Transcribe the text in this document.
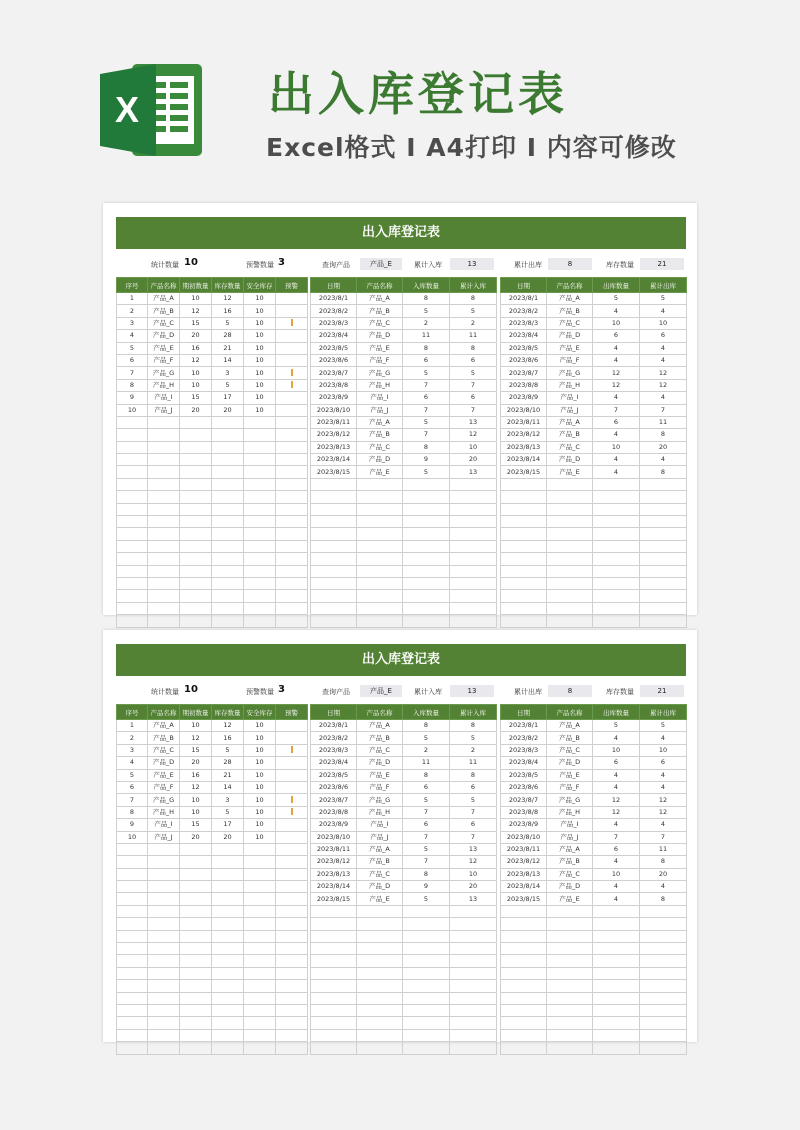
X	出入库登记表
Excel格式 I A4打印 I 内容可修改
出入库登记表
统计数量 10	预警数量 3	查询产品	产品_E	累计入库	13	累计出库	8	库存数量	21
序号	产品名称	期初数量	库存数量	安全库存	预警
1	产品_A	10	12	10	
2	产品_B	12	16	10	
3	产品_C	15	5	10	
4	产品_D	20	28	10	
5	产品_E	16	21	10	
6	产品_F	12	14	10	
7	产品_G	10	3	10	
8	产品_H	10	5	10	
9	产品_I	15	17	10	
10	产品_J	20	20	10	

日期	产品名称	入库数量	累计入库
2023/8/1	产品_A	8	8
2023/8/2	产品_B	5	5
2023/8/3	产品_C	2	2
2023/8/4	产品_D	11	11
2023/8/5	产品_E	8	8
2023/8/6	产品_F	6	6
2023/8/7	产品_G	5	5
2023/8/8	产品_H	7	7
2023/8/9	产品_I	6	6
2023/8/10	产品_J	7	7
2023/8/11	产品_A	5	13
2023/8/12	产品_B	7	12
2023/8/13	产品_C	8	10
2023/8/14	产品_D	9	20
2023/8/15	产品_E	5	13

日期	产品名称	出库数量	累计出库
2023/8/1	产品_A	5	5
2023/8/2	产品_B	4	4
2023/8/3	产品_C	10	10
2023/8/4	产品_D	6	6
2023/8/5	产品_E	4	4
2023/8/6	产品_F	4	4
2023/8/7	产品_G	12	12
2023/8/8	产品_H	12	12
2023/8/9	产品_I	4	4
2023/8/10	产品_J	7	7
2023/8/11	产品_A	6	11
2023/8/12	产品_B	4	8
2023/8/13	产品_C	10	20
2023/8/14	产品_D	4	4
2023/8/15	产品_E	4	8

出入库登记表
统计数量 10	预警数量 3	查询产品	产品_E	累计入库	13	累计出库	8	库存数量	21
序号	产品名称	期初数量	库存数量	安全库存	预警
1	产品_A	10	12	10	
2	产品_B	12	16	10	
3	产品_C	15	5	10	
4	产品_D	20	28	10	
5	产品_E	16	21	10	
6	产品_F	12	14	10	
7	产品_G	10	3	10	
8	产品_H	10	5	10	
9	产品_I	15	17	10	
10	产品_J	20	20	10	

日期	产品名称	入库数量	累计入库
2023/8/1	产品_A	8	8
2023/8/2	产品_B	5	5
2023/8/3	产品_C	2	2
2023/8/4	产品_D	11	11
2023/8/5	产品_E	8	8
2023/8/6	产品_F	6	6
2023/8/7	产品_G	5	5
2023/8/8	产品_H	7	7
2023/8/9	产品_I	6	6
2023/8/10	产品_J	7	7
2023/8/11	产品_A	5	13
2023/8/12	产品_B	7	12
2023/8/13	产品_C	8	10
2023/8/14	产品_D	9	20
2023/8/15	产品_E	5	13

日期	产品名称	出库数量	累计出库
2023/8/1	产品_A	5	5
2023/8/2	产品_B	4	4
2023/8/3	产品_C	10	10
2023/8/4	产品_D	6	6
2023/8/5	产品_E	4	4
2023/8/6	产品_F	4	4
2023/8/7	产品_G	12	12
2023/8/8	产品_H	12	12
2023/8/9	产品_I	4	4
2023/8/10	产品_J	7	7
2023/8/11	产品_A	6	11
2023/8/12	产品_B	4	8
2023/8/13	产品_C	10	20
2023/8/14	产品_D	4	4
2023/8/15	产品_E	4	8
